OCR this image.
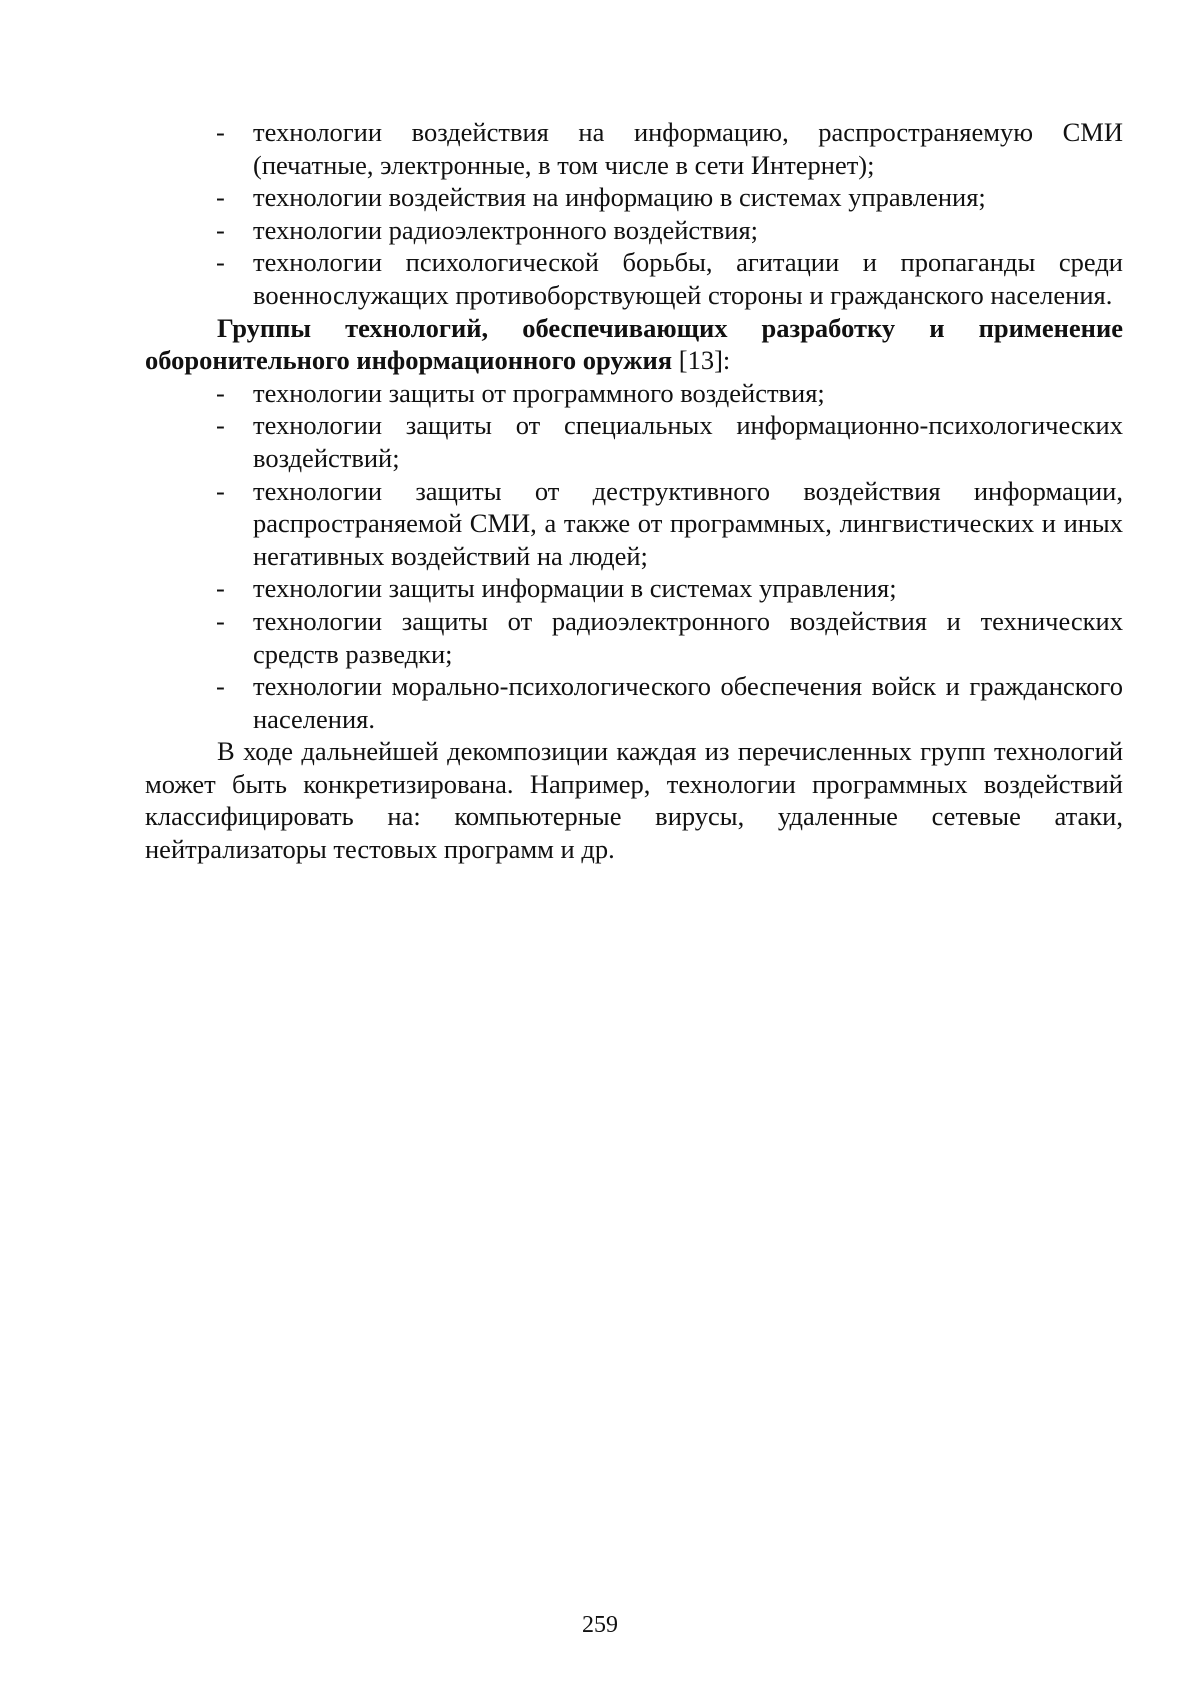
- технологии воздействия на информацию, распространяемую СМИ (печатные, электронные, в том числе в сети Интернет);
- технологии воздействия на информацию в системах управления;
- технологии радиоэлектронного воздействия;
- технологии психологической борьбы, агитации и пропаганды среди военнослужащих противоборствующей стороны и гражданского населения.

Группы технологий, обеспечивающих разработку и применение оборонительного информационного оружия [13]:

- технологии защиты от программного воздействия;
- технологии защиты от специальных информационно-психологических воздействий;
- технологии защиты от деструктивного воздействия информации, распространяемой СМИ, а также от программных, лингвистических и иных негативных воздействий на людей;
- технологии защиты информации в системах управления;
- технологии защиты от радиоэлектронного воздействия и технических средств разведки;
- технологии морально-психологического обеспечения войск и гражданского населения.

В ходе дальнейшей декомпозиции каждая из перечисленных групп технологий может быть конкретизирована. Например, технологии программных воздействий классифицировать на: компьютерные вирусы, удаленные сетевые атаки, нейтрализаторы тестовых программ и др.

259
